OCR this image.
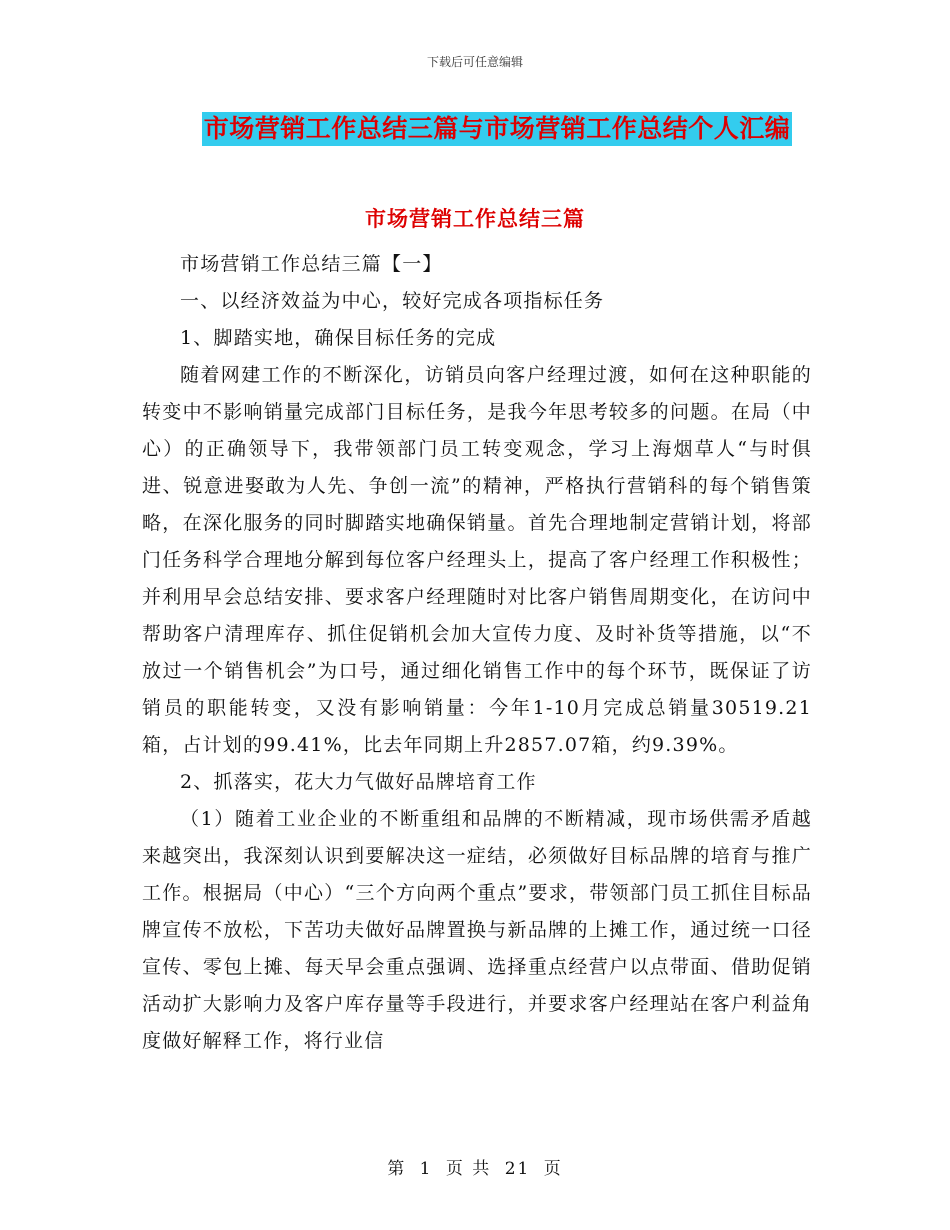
下载后可任意编辑
市场营销工作总结三篇与市场营销工作总结个人汇编
市场营销工作总结三篇

市场营销工作总结三篇【一】

一、以经济效益为中心，较好完成各项指标任务

1、脚踏实地，确保目标任务的完成

随着网建工作的不断深化，访销员向客户经理过渡，如何在这种职能的转变中不影响销量完成部门目标任务，是我今年思考较多的问题。在局（中心）的正确领导下，我带领部门员工转变观念，学习上海烟草人“与时俱进、锐意进娶敢为人先、争创一流”的精神，严格执行营销科的每个销售策略，在深化服务的同时脚踏实地确保销量。首先合理地制定营销计划，将部门任务科学合理地分解到每位客户经理头上，提高了客户经理工作积极性；并利用早会总结安排、要求客户经理随时对比客户销售周期变化，在访问中帮助客户清理库存、抓住促销机会加大宣传力度、及时补货等措施，以“不放过一个销售机会”为口号，通过细化销售工作中的每个环节，既保证了访销员的职能转变，又没有影响销量：今年1-10月完成总销量30519.21箱，占计划的99.41%，比去年同期上升2857.07箱，约9.39%。

2、抓落实，花大力气做好品牌培育工作

（1）随着工业企业的不断重组和品牌的不断精减，现市场供需矛盾越来越突出，我深刻认识到要解决这一症结，必须做好目标品牌的培育与推广工作。根据局（中心）“三个方向两个重点”要求，带领部门员工抓住目标品牌宣传不放松，下苦功夫做好品牌置换与新品牌的上摊工作，通过统一口径宣传、零包上摊、每天早会重点强调、选择重点经营户以点带面、借助促销活动扩大影响力及客户库存量等手段进行，并要求客户经理站在客户利益角度做好解释工作，将行业信

第 1 页 共 21 页
